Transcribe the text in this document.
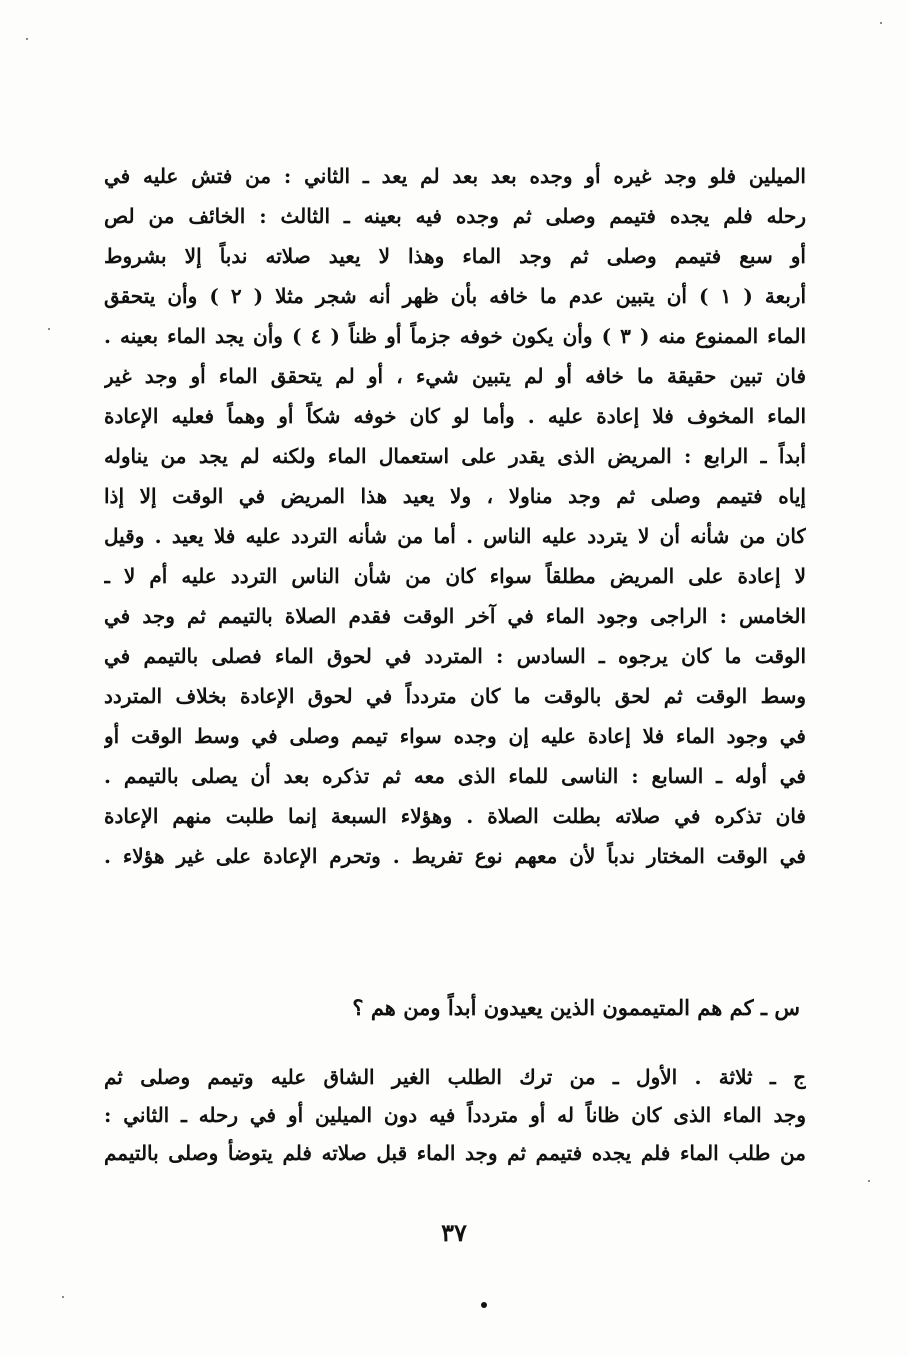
الميلين فلو وجد غيره أو وجده بعد بعد لم يعد ـ الثاني : من فتش عليه في
رحله فلم يجده فتيمم وصلى ثم وجده فيه بعينه ـ الثالث : الخائف من لص
أو سبع فتيمم وصلى ثم وجد الماء وهذا لا يعيد صلاته ندباً إلا بشروط
أربعة ( ١ ) أن يتبين عدم ما خافه بأن ظهر أنه شجر مثلا ( ٢ ) وأن يتحقق
الماء الممنوع منه ( ٣ ) وأن يكون خوفه جزماً أو ظناً ( ٤ ) وأن يجد الماء بعينه .
فان تبين حقيقة ما خافه أو لم يتبين شيء ، أو لم يتحقق الماء أو وجد غير
الماء المخوف فلا إعادة عليه . وأما لو كان خوفه شكاً أو وهماً فعليه الإعادة
أبداً ـ الرابع : المريض الذى يقدر على استعمال الماء ولكنه لم يجد من يناوله
إياه فتيمم وصلى ثم وجد مناولا ، ولا يعيد هذا المريض في الوقت إلا إذا
كان من شأنه أن لا يتردد عليه الناس . أما من شأنه التردد عليه فلا يعيد . وقيل
لا إعادة على المريض مطلقاً سواء كان من شأن الناس التردد عليه أم لا ـ
الخامس : الراجى وجود الماء في آخر الوقت فقدم الصلاة بالتيمم ثم وجد في
الوقت ما كان يرجوه ـ السادس : المتردد في لحوق الماء فصلى بالتيمم في
وسط الوقت ثم لحق بالوقت ما كان متردداً في لحوق الإعادة بخلاف المتردد
في وجود الماء فلا إعادة عليه إن وجده سواء تيمم وصلى في وسط الوقت أو
في أوله ـ السابع : الناسى للماء الذى معه ثم تذكره بعد أن يصلى بالتيمم .
فان تذكره في صلاته بطلت الصلاة . وهؤلاء السبعة إنما طلبت منهم الإعادة
في الوقت المختار ندباً لأن معهم نوع تفريط . وتحرم الإعادة على غير هؤلاء .
س ـ كم هم المتيممون الذين يعيدون أبداً ومن هم ؟
ج ـ ثلاثة . الأول ـ من ترك الطلب الغير الشاق عليه وتيمم وصلى ثم
وجد الماء الذى كان ظاناً له أو متردداً فيه دون الميلين أو في رحله ـ الثاني :
من طلب الماء فلم يجده فتيمم ثم وجد الماء قبل صلاته فلم يتوضأ وصلى بالتيمم
٣٧
